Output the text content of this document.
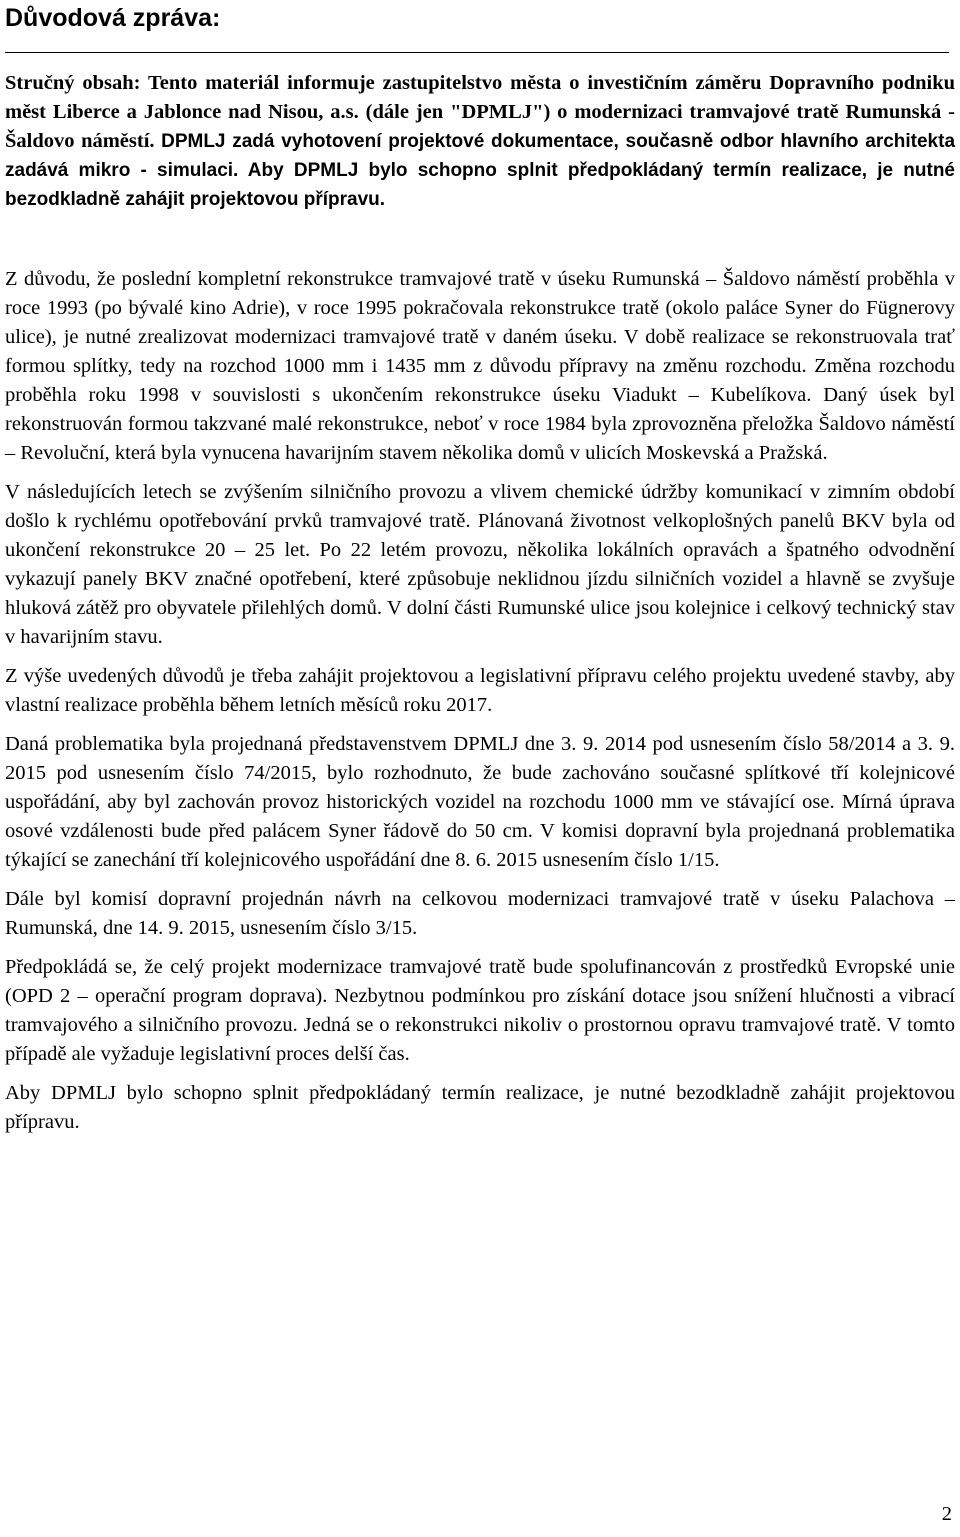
Důvodová zpráva:

Stručný obsah: Tento materiál informuje zastupitelstvo města o investičním záměru Dopravního podniku měst Liberce a Jablonce nad Nisou, a.s. (dále jen "DPMLJ") o modernizaci tramvajové tratě Rumunská - Šaldovo náměstí. DPMLJ zadá vyhotovení projektové dokumentace, současně odbor hlavního architekta zadává mikro - simulaci. Aby DPMLJ bylo schopno splnit předpokládaný termín realizace, je nutné bezodkladně zahájit projektovou přípravu.

Z důvodu, že poslední kompletní rekonstrukce tramvajové tratě v úseku Rumunská – Šaldovo náměstí proběhla v roce 1993 (po bývalé kino Adrie), v roce 1995 pokračovala rekonstrukce tratě (okolo paláce Syner do Fügnerovy ulice), je nutné zrealizovat modernizaci tramvajové tratě v daném úseku. V době realizace se rekonstruovala trať formou splítky, tedy na rozchod 1000 mm i 1435 mm z důvodu přípravy na změnu rozchodu. Změna rozchodu proběhla roku 1998 v souvislosti s ukončením rekonstrukce úseku Viadukt – Kubelíkova. Daný úsek byl rekonstruován formou takzvané malé rekonstrukce, neboť v roce 1984 byla zprovozněna přeložka Šaldovo náměstí – Revoluční, která byla vynucena havarijním stavem několika domů v ulicích Moskevská a Pražská.

V následujících letech se zvýšením silničního provozu a vlivem chemické údržby komunikací v zimním období došlo k rychlému opotřebování prvků tramvajové tratě. Plánovaná životnost velkoplošných panelů BKV byla od ukončení rekonstrukce 20 – 25 let. Po 22 letém provozu, několika lokálních opravách a špatného odvodnění vykazují panely BKV značné opotřebení, které způsobuje neklidnou jízdu silničních vozidel a hlavně se zvyšuje hluková zátěž pro obyvatele přilehlých domů. V dolní části Rumunské ulice jsou kolejnice i celkový technický stav v havarijním stavu.

Z výše uvedených důvodů je třeba zahájit projektovou a legislativní přípravu celého projektu uvedené stavby, aby vlastní realizace proběhla během letních měsíců roku 2017.

Daná problematika byla projednaná představenstvem DPMLJ dne 3. 9. 2014 pod usnesením číslo 58/2014 a 3. 9. 2015 pod usnesením číslo 74/2015, bylo rozhodnuto, že bude zachováno současné splítkové tří kolejnicové uspořádání, aby byl zachován provoz historických vozidel na rozchodu 1000 mm ve stávající ose. Mírná úprava osové vzdálenosti bude před palácem Syner řádově do 50 cm. V komisi dopravní byla projednaná problematika týkající se zanechání tří kolejnicového uspořádání dne 8. 6. 2015 usnesením číslo 1/15.

Dále byl komisí dopravní projednán návrh na celkovou modernizaci tramvajové tratě v úseku Palachova – Rumunská, dne 14. 9. 2015, usnesením číslo 3/15.

Předpokládá se, že celý projekt modernizace tramvajové tratě bude spolufinancován z prostředků Evropské unie (OPD 2 – operační program doprava). Nezbytnou podmínkou pro získání dotace jsou snížení hlučnosti a vibrací tramvajového a silničního provozu. Jedná se o rekonstrukci nikoliv o prostornou opravu tramvajové tratě. V tomto případě ale vyžaduje legislativní proces delší čas.

Aby DPMLJ bylo schopno splnit předpokládaný termín realizace, je nutné bezodkladně zahájit projektovou přípravu.

2
